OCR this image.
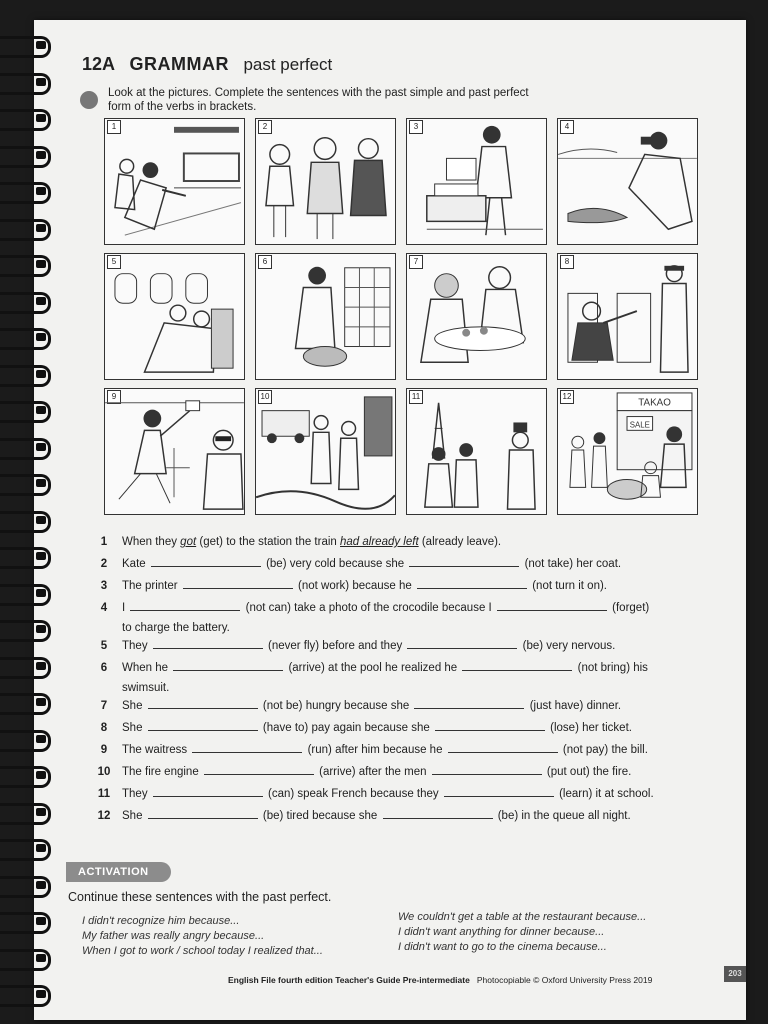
12A GRAMMAR past perfect
Look at the pictures. Complete the sentences with the past simple and past perfect form of the verbs in brackets.
1	2	3	4
5	6	7	8
9	10	11	12
TAKAO
SALE
1	When they got (get) to the station the train had already left (already leave).
2	Kate	(be) very cold because she	(not take) her coat.
3	The printer	(not work) because he	(not turn it on).
4	I	(not can) take a photo of the crocodile because I	(forget)
to charge the battery.
5	They	(never fly) before and they	(be) very nervous.
6	When he	(arrive) at the pool he realized he	(not bring) his
swimsuit.
7	She	(not be) hungry because she	(just have) dinner.
8	She	(have to) pay again because she	(lose) her ticket.
9	The waitress	(run) after him because he	(not pay) the bill.
10 The fire engine	(arrive) after the men	(put out) the fire.
11 They	(can) speak French because they	(learn) it at school.
12 She	(be) tired because she	(be) in the queue all night.
ACTIVATION
Continue these sentences with the past perfect.
I didn't recognize him because...
My father was really angry because...
When I got to work / school today I realized that...
We couldn't get a table at the restaurant because...
I didn't want anything for dinner because...
I didn't want to go to the cinema because...
English File fourth edition Teacher's Guide Pre-intermediate Photocopiable © Oxford University Press 2019
203
